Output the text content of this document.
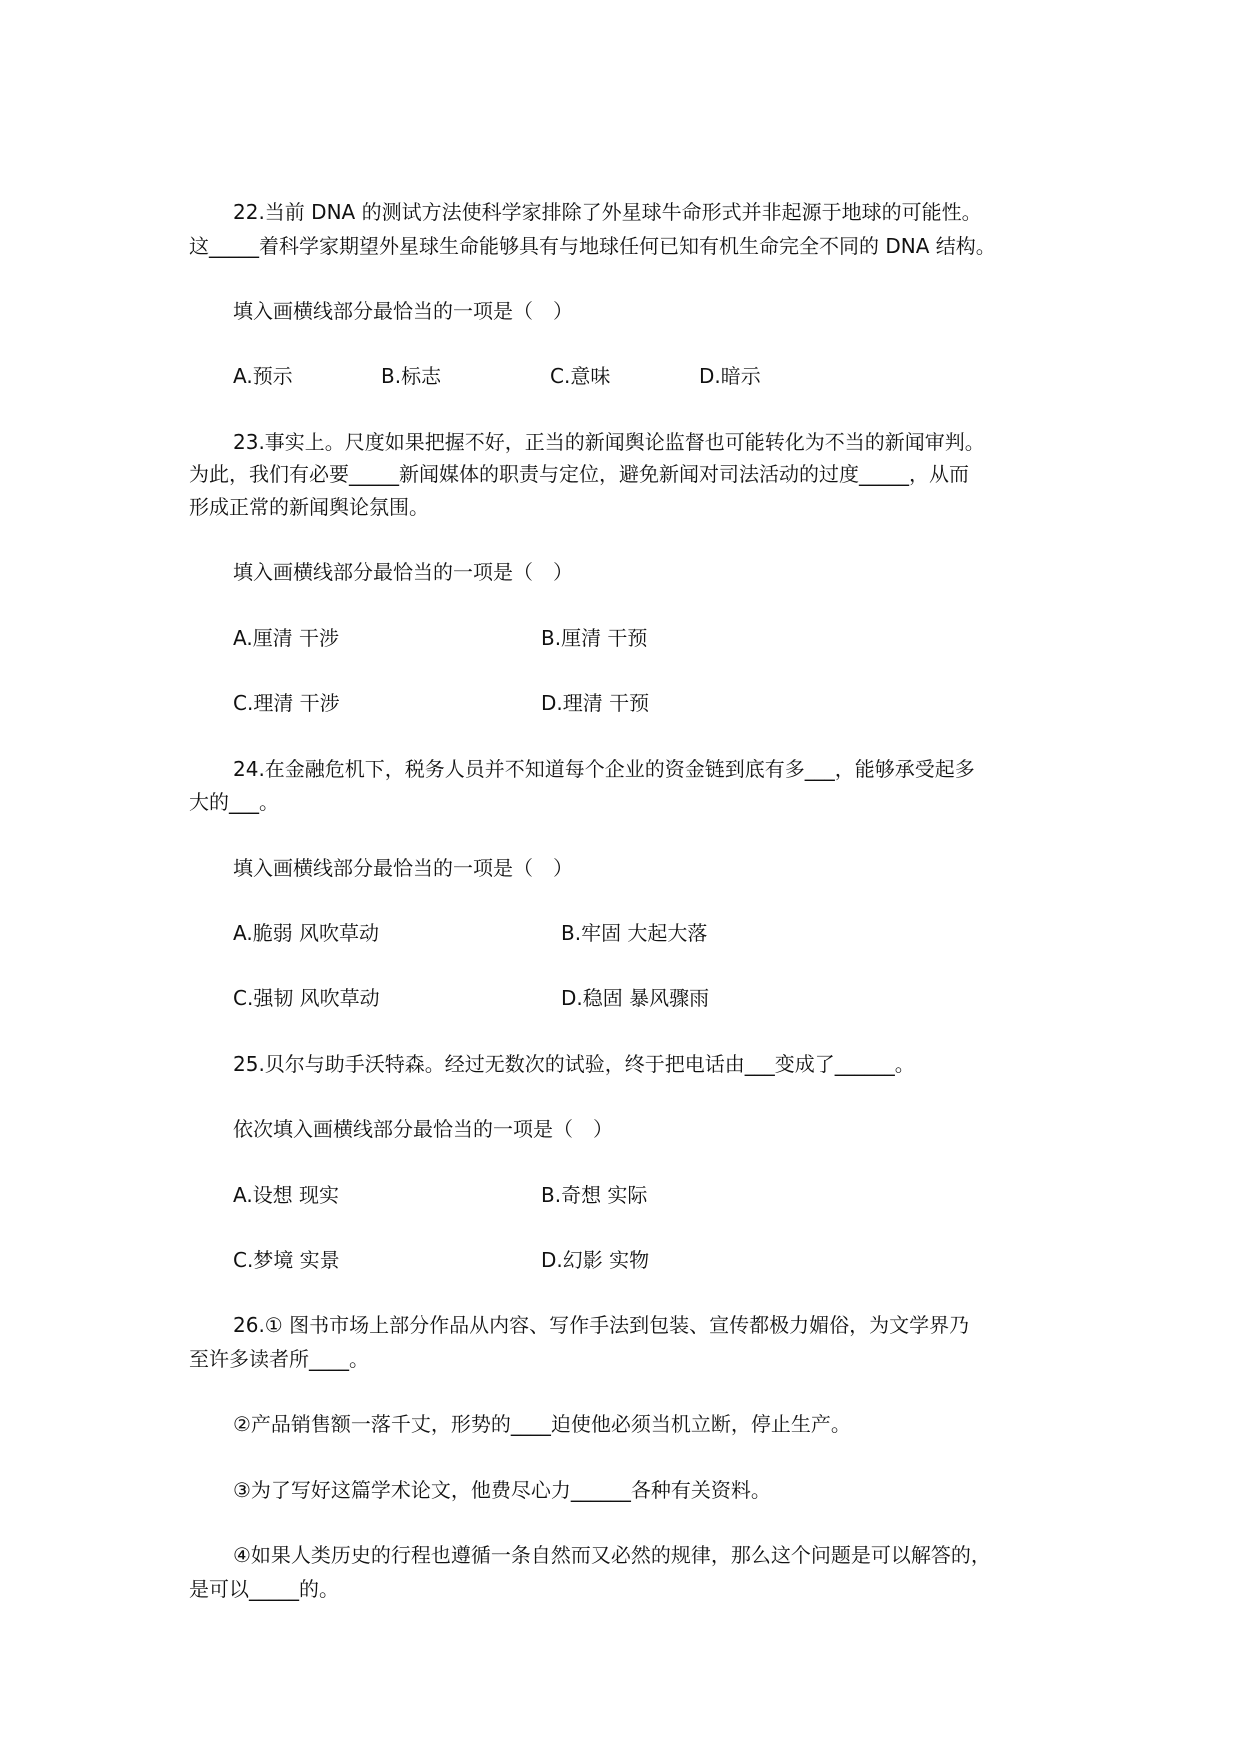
22.当前 DNA 的测试方法使科学家排除了外星球牛命形式并非起源于地球的可能性。
这_____着科学家期望外星球生命能够具有与地球任何已知有机生命完全不同的 DNA 结构。
填入画横线部分最恰当的一项是（　）
A.预示	B.标志	C.意味	D.暗示
23.事实上。尺度如果把握不好，正当的新闻舆论监督也可能转化为不当的新闻审判。
为此，我们有必要_____新闻媒体的职责与定位，避免新闻对司法活动的过度_____，从而
形成正常的新闻舆论氛围。
填入画横线部分最恰当的一项是（　）
A.厘清 干涉	B.厘清 干预
C.理清 干涉	D.理清 干预
24.在金融危机下，税务人员并不知道每个企业的资金链到底有多___，能够承受起多
大的___。
填入画横线部分最恰当的一项是（　）
A.脆弱 风吹草动	B.牢固 大起大落
C.强韧 风吹草动	D.稳固 暴风骤雨
25.贝尔与助手沃特森。经过无数次的试验，终于把电话由___变成了______。
依次填入画横线部分最恰当的一项是（　）
A.设想 现实	B.奇想 实际
C.梦境 实景	D.幻影 实物
26.① 图书市场上部分作品从内容、写作手法到包装、宣传都极力媚俗，为文学界乃
至许多读者所____。
②产品销售额一落千丈，形势的____迫使他必须当机立断，停止生产。
③为了写好这篇学术论文，他费尽心力______各种有关资料。
④如果人类历史的行程也遵循一条自然而又必然的规律，那么这个问题是可以解答的，
是可以_____的。
